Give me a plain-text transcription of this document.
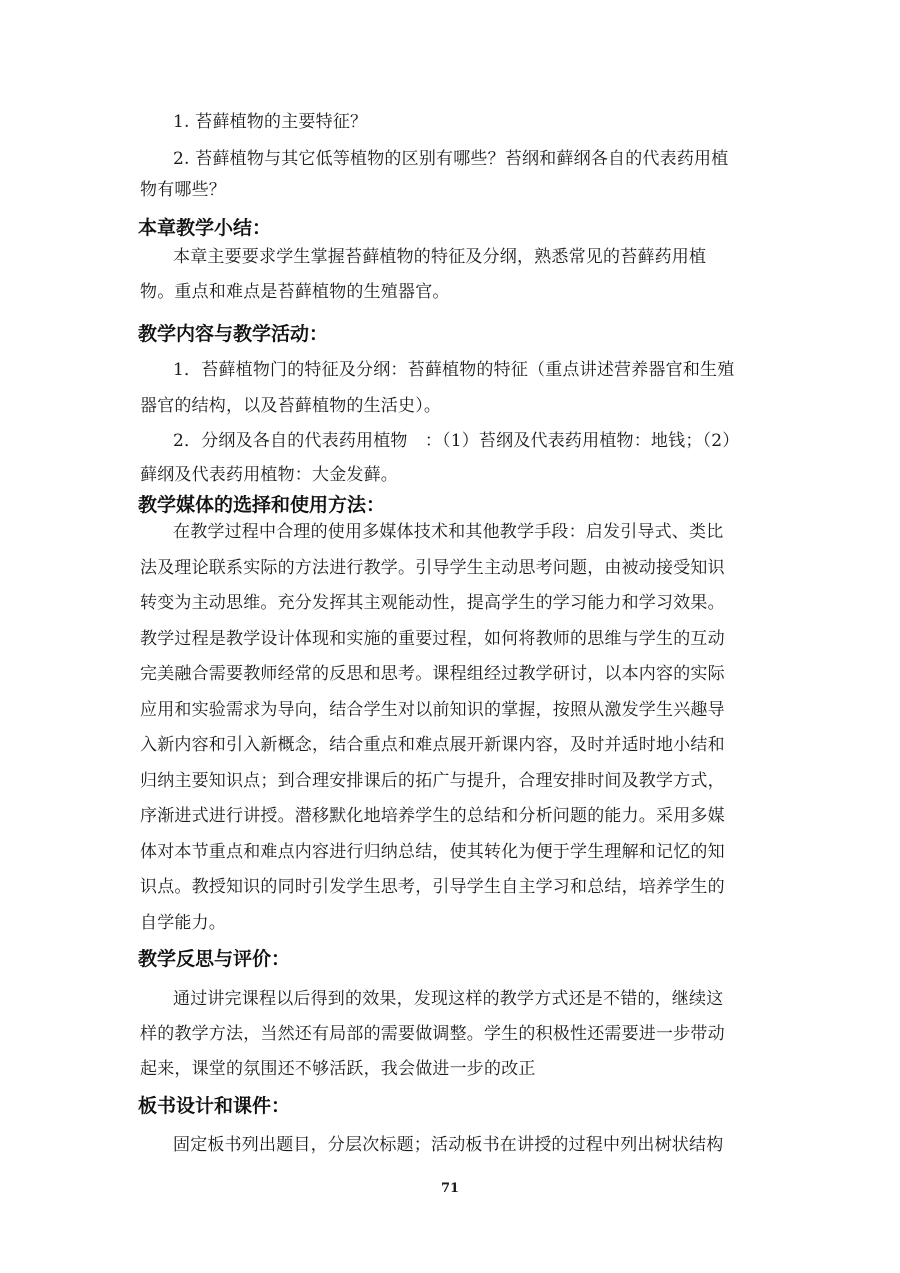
1. 苔藓植物的主要特征？
2. 苔藓植物与其它低等植物的区别有哪些？苔纲和藓纲各自的代表药用植
物有哪些？
本章教学小结：
本章主要要求学生掌握苔藓植物的特征及分纲，熟悉常见的苔藓药用植
物。重点和难点是苔藓植物的生殖器官。
教学内容与教学活动：
1．苔藓植物门的特征及分纲：苔藓植物的特征（重点讲述营养器官和生殖
器官的结构，以及苔藓植物的生活史）。
2．分纲及各自的代表药用植物　：（1）苔纲及代表药用植物：地钱；（2）
藓纲及代表药用植物：大金发藓。
教学媒体的选择和使用方法：
在教学过程中合理的使用多媒体技术和其他教学手段：启发引导式、类比
法及理论联系实际的方法进行教学。引导学生主动思考问题，由被动接受知识
转变为主动思维。充分发挥其主观能动性，提高学生的学习能力和学习效果。
教学过程是教学设计体现和实施的重要过程，如何将教师的思维与学生的互动
完美融合需要教师经常的反思和思考。课程组经过教学研讨，以本内容的实际
应用和实验需求为导向，结合学生对以前知识的掌握，按照从激发学生兴趣导
入新内容和引入新概念，结合重点和难点展开新课内容，及时并适时地小结和
归纳主要知识点；到合理安排课后的拓广与提升，合理安排时间及教学方式，
序渐进式进行讲授。潜移默化地培养学生的总结和分析问题的能力。采用多媒
体对本节重点和难点内容进行归纳总结，使其转化为便于学生理解和记忆的知
识点。教授知识的同时引发学生思考，引导学生自主学习和总结，培养学生的
自学能力。
教学反思与评价：
通过讲完课程以后得到的效果，发现这样的教学方式还是不错的，继续这
样的教学方法，当然还有局部的需要做调整。学生的积极性还需要进一步带动
起来，课堂的氛围还不够活跃，我会做进一步的改正
板书设计和课件：
固定板书列出题目，分层次标题；活动板书在讲授的过程中列出树状结构
71
